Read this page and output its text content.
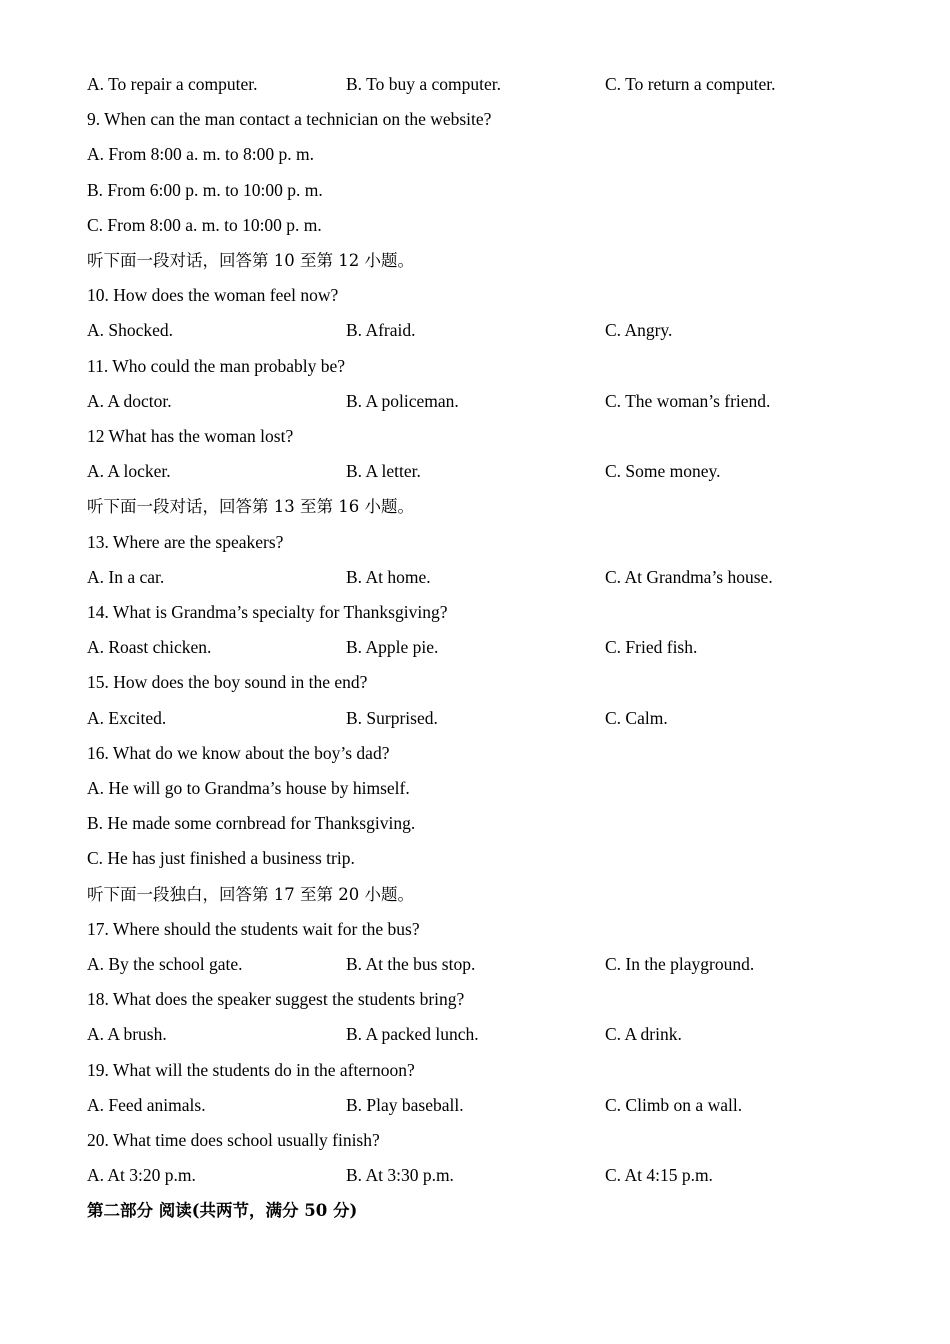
A. To repair a computer.	B. To buy a computer.	C. To return a computer.
9. When can the man contact a technician on the website?
A. From 8:00 a. m. to 8:00 p. m.
B. From 6:00 p. m. to 10:00 p. m.
C. From 8:00 a. m. to 10:00 p. m.
听下面一段对话，回答第 10 至第 12 小题。
10. How does the woman feel now?
A. Shocked.	B. Afraid.	C. Angry.
11. Who could the man probably be?
A. A doctor.	B. A policeman.	C. The woman’s friend.
12 What has the woman lost?
A. A locker.	B. A letter.	C. Some money.
听下面一段对话，回答第 13 至第 16 小题。
13. Where are the speakers?
A. In a car.	B. At home.	C. At Grandma’s house.
14. What is Grandma’s specialty for Thanksgiving?
A. Roast chicken.	B. Apple pie.	C. Fried fish.
15. How does the boy sound in the end?
A. Excited.	B. Surprised.	C. Calm.
16. What do we know about the boy’s dad?
A. He will go to Grandma’s house by himself.
B. He made some cornbread for Thanksgiving.
C. He has just finished a business trip.
听下面一段独白，回答第 17 至第 20 小题。
17. Where should the students wait for the bus?
A. By the school gate.	B. At the bus stop.	C. In the playground.
18. What does the speaker suggest the students bring?
A. A brush.	B. A packed lunch.	C. A drink.
19. What will the students do in the afternoon?
A. Feed animals.	B. Play baseball.	C. Climb on a wall.
20. What time does school usually finish?
A. At 3:20 p.m.	B. At 3:30 p.m.	C. At 4:15 p.m.
第二部分 阅读(共两节，满分 50 分)
